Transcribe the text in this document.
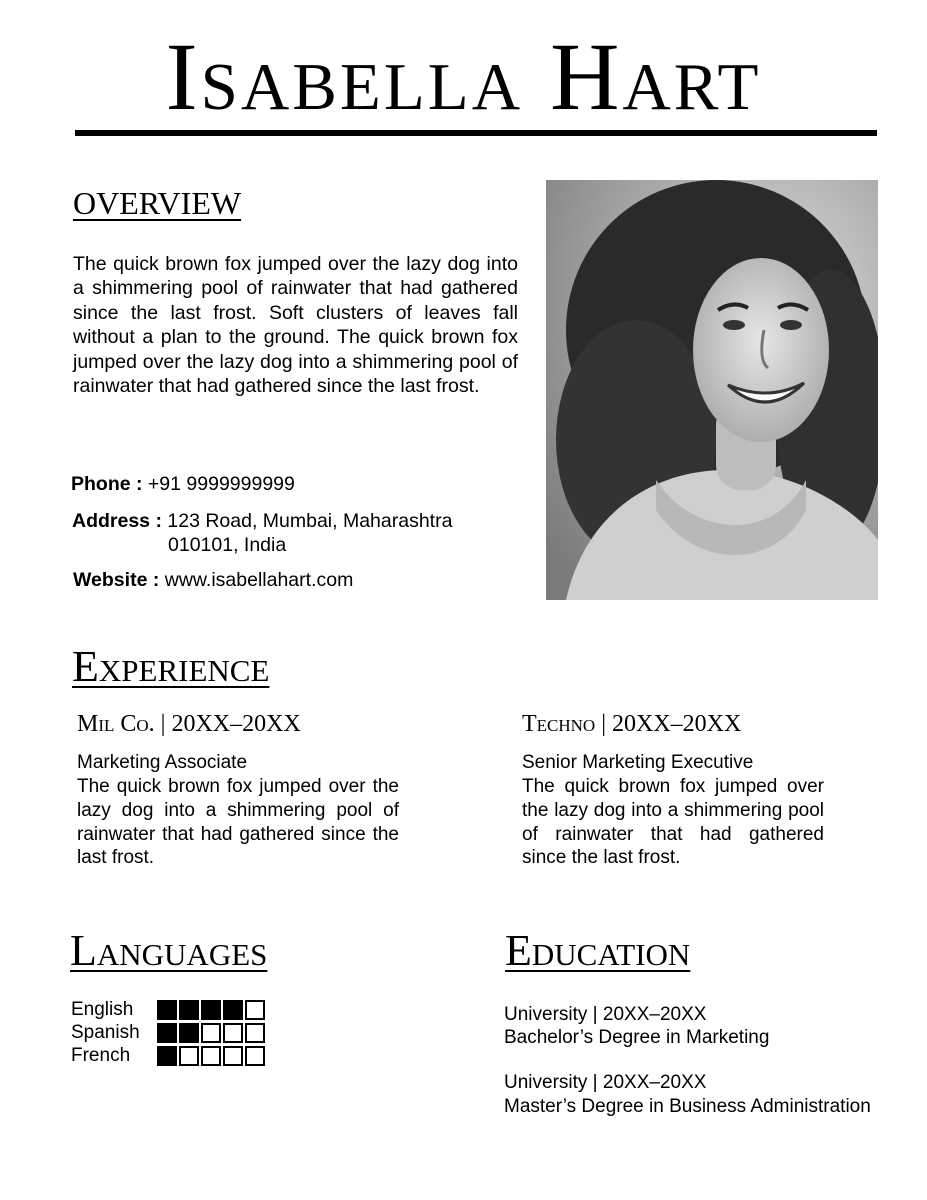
Isabella Hart
overview
The quick brown fox jumped over the lazy dog into a shimmering pool of rainwater that had gathered since the last frost. Soft clusters of leaves fall without a plan to the ground. The quick brown fox jumped over the lazy dog into a shimmering pool of rainwater that had gathered since the last frost.
Phone : +91 9999999999
Address : 123 Road, Mumbai, Maharashtra
010101, India
Website : www.isabellahart.com
Experience
Mil Co. | 20XX–20XX
Marketing Associate
The quick brown fox jumped over the lazy dog into a shimmering pool of rainwater that had gathered since the last frost.
Techno | 20XX–20XX
Senior Marketing Executive
The quick brown fox jumped over the lazy dog into a shimmering pool of rainwater that had gathered since the last frost.
Languages
English
Spanish
French
Education
University | 20XX–20XX
Bachelor’s Degree in Marketing
University | 20XX–20XX
Master’s Degree in Business Administration
